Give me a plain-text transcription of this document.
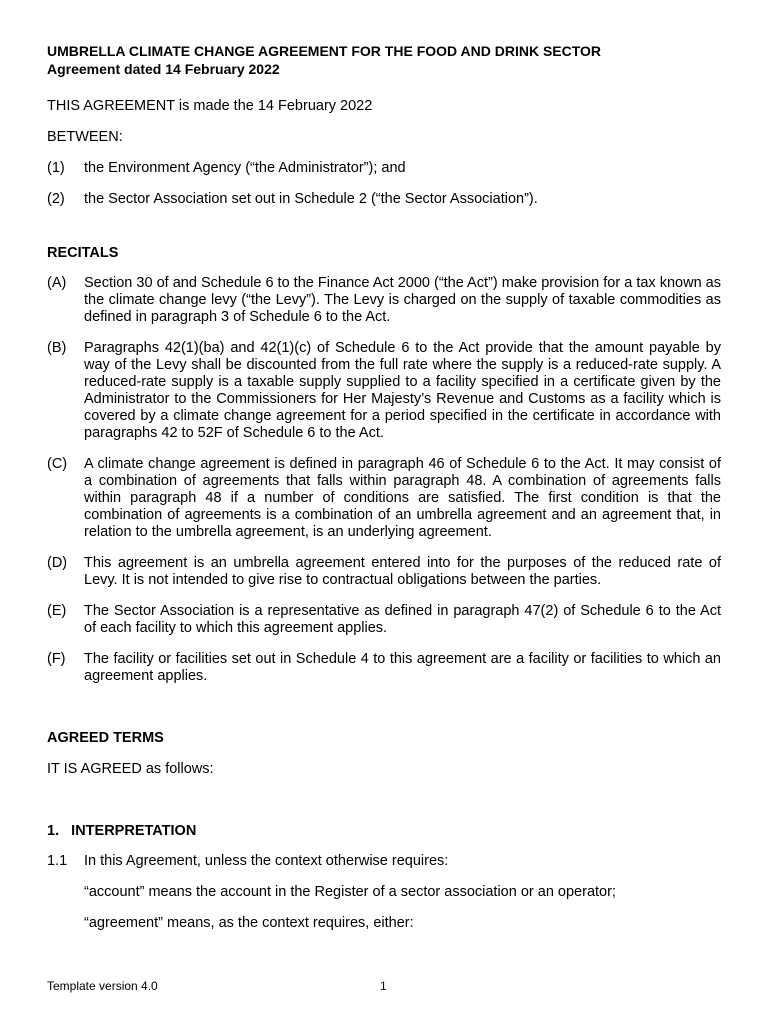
UMBRELLA CLIMATE CHANGE AGREEMENT FOR THE FOOD AND DRINK SECTOR
Agreement dated 14 February 2022

THIS AGREEMENT is made the 14 February 2022

BETWEEN:

(1)	the Environment Agency (“the Administrator”); and
(2)	the Sector Association set out in Schedule 2 (“the Sector Association”).
RECITALS
(A)	Section 30 of and Schedule 6 to the Finance Act 2000 (“the Act”) make provision for a tax known as the climate change levy (“the Levy”). The Levy is charged on the supply of taxable commodities as defined in paragraph 3 of Schedule 6 to the Act.
(B)	Paragraphs 42(1)(ba) and 42(1)(c) of Schedule 6 to the Act provide that the amount payable by way of the Levy shall be discounted from the full rate where the supply is a reduced-rate supply. A reduced-rate supply is a taxable supply supplied to a facility specified in a certificate given by the Administrator to the Commissioners for Her Majesty’s Revenue and Customs as a facility which is covered by a climate change agreement for a period specified in the certificate in accordance with paragraphs 42 to 52F of Schedule 6 to the Act.
(C)	A climate change agreement is defined in paragraph 46 of Schedule 6 to the Act. It may consist of a combination of agreements that falls within paragraph 48. A combination of agreements falls within paragraph 48 if a number of conditions are satisfied. The first condition is that the combination of agreements is a combination of an umbrella agreement and an agreement that, in relation to the umbrella agreement, is an underlying agreement.
(D)	This agreement is an umbrella agreement entered into for the purposes of the reduced rate of Levy. It is not intended to give rise to contractual obligations between the parties.
(E)	The Sector Association is a representative as defined in paragraph 47(2) of Schedule 6 to the Act of each facility to which this agreement applies.
(F)	The facility or facilities set out in Schedule 4 to this agreement are a facility or facilities to which an agreement applies.
AGREED TERMS

IT IS AGREED as follows:

1.   INTERPRETATION
1.1	In this Agreement, unless the context otherwise requires:

“account” means the account in the Register of a sector association or an operator;

“agreement” means, as the context requires, either:

Template version 4.0	1
